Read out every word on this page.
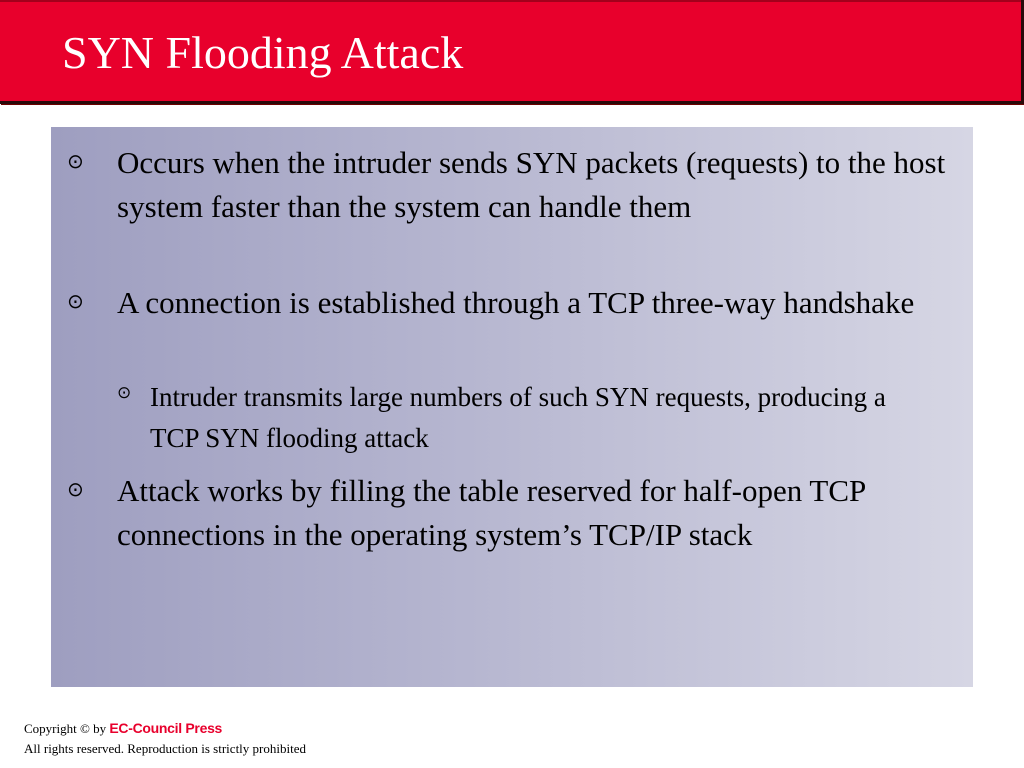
SYN Flooding Attack
⊙	Occurs when the intruder sends SYN packets (requests) to the host system faster than the system can handle them
⊙	A connection is established through a TCP three-way handshake
⊙ Intruder transmits large numbers of such SYN requests, producing a TCP SYN flooding attack
⊙	Attack works by filling the table reserved for half-open TCP connections in the operating system’s TCP/IP stack
Copyright © by EC-Council Press
All rights reserved. Reproduction is strictly prohibited
